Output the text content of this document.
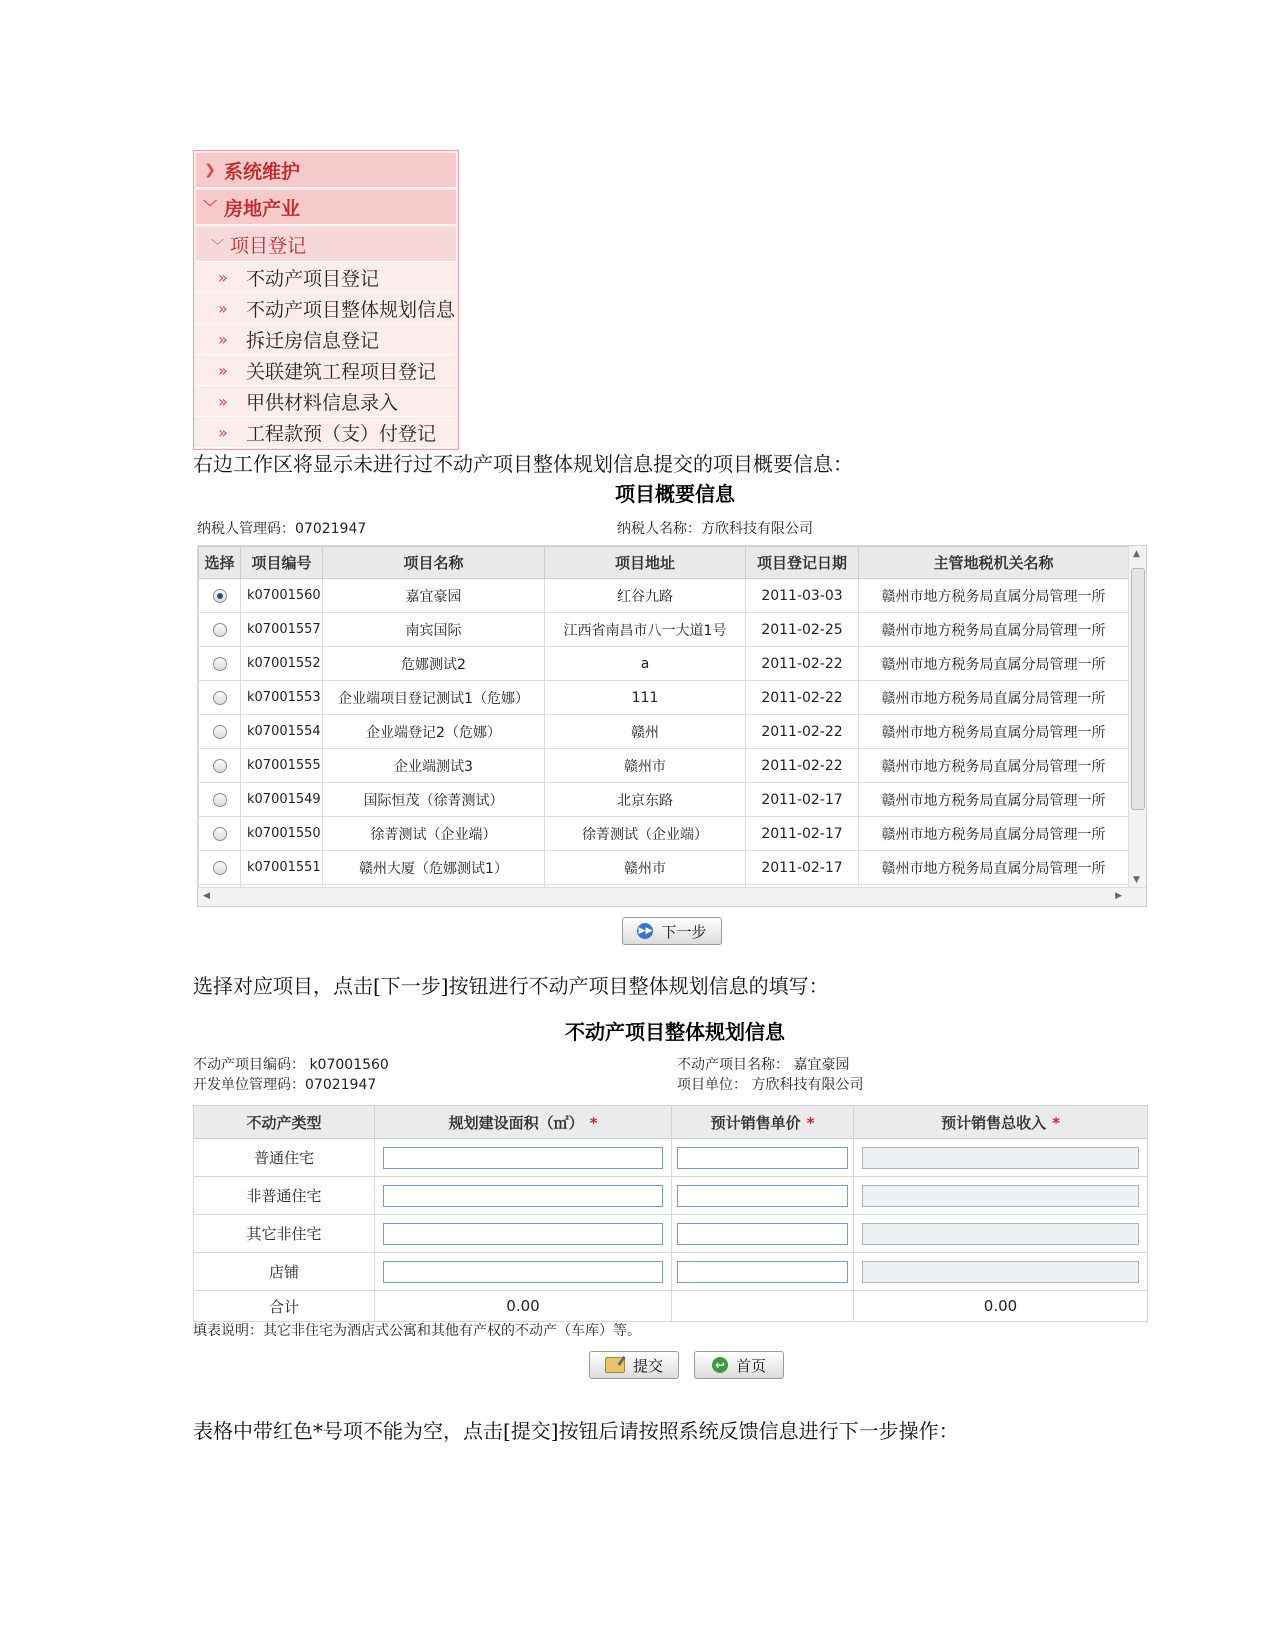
❯ 系统维护
﹀ 房地产业
﹀ 项目登记
» 不动产项目登记
» 不动产项目整体规划信息
» 拆迁房信息登记
» 关联建筑工程项目登记
» 甲供材料信息录入
» 工程款预（支）付登记
右边工作区将显示未进行过不动产项目整体规划信息提交的项目概要信息：
项目概要信息
纳税人管理码：07021947	纳税人名称：方欣科技有限公司
选择	项目编号	项目名称	项目地址	项目登记日期	主管地税机关名称
	k07001560	嘉宜豪园	红谷九路	2011-03-03	赣州市地方税务局直属分局管理一所
	k07001557	南宾国际	江西省南昌市八一大道1号	2011-02-25	赣州市地方税务局直属分局管理一所
	k07001552	危娜测试2	a	2011-02-22	赣州市地方税务局直属分局管理一所
	k07001553	企业端项目登记测试1（危娜）	111	2011-02-22	赣州市地方税务局直属分局管理一所
	k07001554	企业端登记2（危娜）	赣州	2011-02-22	赣州市地方税务局直属分局管理一所
	k07001555	企业端测试3	赣州市	2011-02-22	赣州市地方税务局直属分局管理一所
	k07001549	国际恒茂（徐菁测试）	北京东路	2011-02-17	赣州市地方税务局直属分局管理一所
	k07001550	徐菁测试（企业端）	徐菁测试（企业端）	2011-02-17	赣州市地方税务局直属分局管理一所
	k07001551	赣州大厦（危娜测试1）	赣州市	2011-02-17	赣州市地方税务局直属分局管理一所

▲
▼
◀	▶
▶▶ 下一步
选择对应项目，点击[下一步]按钮进行不动产项目整体规划信息的填写：
不动产项目整体规划信息
不动产项目编码： k07001560
开发单位管理码：07021947
不动产项目名称： 嘉宜豪园
项目单位： 方欣科技有限公司
不动产类型	规划建设面积（㎡） *	预计销售单价 *	预计销售总收入 *
普通住宅	

非普通住宅	

其它非住宅	

店铺	

合计	0.00		0.00
填表说明：其它非住宅为酒店式公寓和其他有产权的不动产（车库）等。
提交	↩ 首页
表格中带红色*号项不能为空，点击[提交]按钮后请按照系统反馈信息进行下一步操作：
